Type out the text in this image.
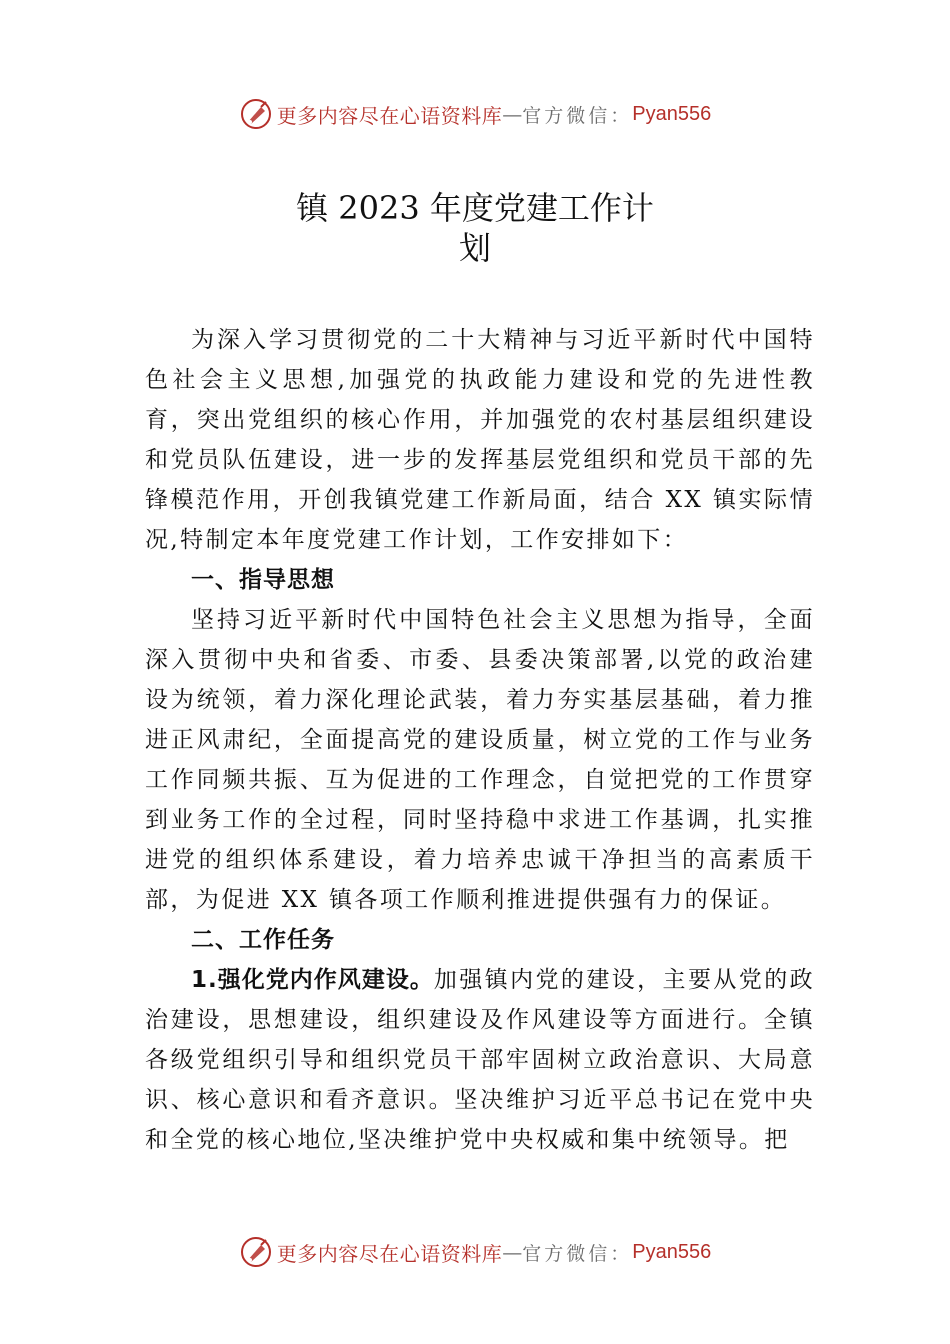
更多内容尽在心语资料库 — 官方微信： Pyan556
镇 2023 年度党建工作计划

为深入学习贯彻党的二十大精神与习近平新时代中国特色社会主义思想,加强党的执政能力建设和党的先进性教育，突出党组织的核心作用，并加强党的农村基层组织建设和党员队伍建设，进一步的发挥基层党组织和党员干部的先锋模范作用，开创我镇党建工作新局面，结合 XX 镇实际情况,特制定本年度党建工作计划，工作安排如下：

一、指导思想

坚持习近平新时代中国特色社会主义思想为指导，全面深入贯彻中央和省委、市委、县委决策部署,以党的政治建设为统领，着力深化理论武装，着力夯实基层基础，着力推进正风肃纪，全面提高党的建设质量，树立党的工作与业务工作同频共振、互为促进的工作理念，自觉把党的工作贯穿到业务工作的全过程，同时坚持稳中求进工作基调，扎实推进党的组织体系建设，着力培养忠诚干净担当的高素质干部，为促进 XX 镇各项工作顺利推进提供强有力的保证。

二、工作任务

1.强化党内作风建设。加强镇内党的建设，主要从党的政治建设，思想建设，组织建设及作风建设等方面进行。全镇各级党组织引导和组织党员干部牢固树立政治意识、大局意识、核心意识和看齐意识。坚决维护习近平总书记在党中央和全党的核心地位,坚决维护党中央权威和集中统领导。把

更多内容尽在心语资料库 — 官方微信： Pyan556
